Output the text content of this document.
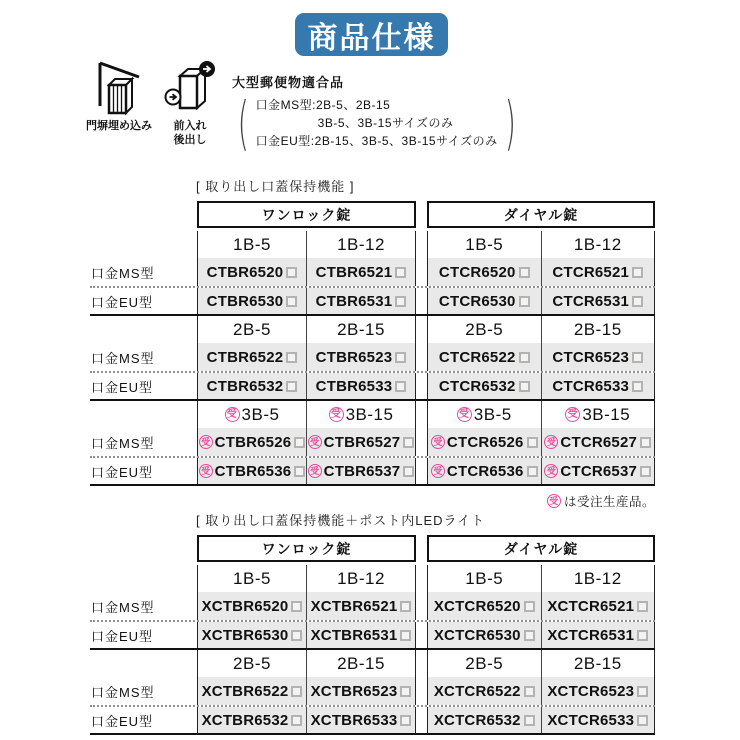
商品仕様
門塀埋め込み 前入れ
後出し
大型郵便物適合品
( 口金MS型:2B-5、2B-15
3B-5、3B-15サイズのみ
口金EU型:2B-15、3B-5、3B-15サイズのみ )
[ 取り出し口蓋保持機能 ]
ワンロック錠	ダイヤル錠
1B-5	1B-12	1B-5	1B-12
口金MS型	CTBR6520 CTBR6521	CTCR6520 CTCR6521
口金EU型	CTBR6530 CTBR6531	CTCR6530 CTCR6531
2B-5	2B-15	2B-5	2B-15
口金MS型	CTBR6522 CTBR6523	CTCR6522 CTCR6523
口金EU型	CTBR6532 CTBR6533	CTCR6532 CTCR6533
受 3B-5	受 3B-15	受 3B-5	受 3B-15
口金MS型	受 CTBR6526 受 CTBR6527	受 CTCR6526	受 CTCR6527
口金EU型	受 CTBR6536 受 CTBR6537	受 CTCR6536	受 CTCR6537
受 は受注生産品。
[ 取り出し口蓋保持機能＋ポスト内LEDライト
ワンロック錠	ダイヤル錠
1B-5	1B-12	1B-5	1B-12
口金MS型	XCTBR6520 XCTBR6521 XCTCR6520 XCTCR6521
口金EU型	XCTBR6530 XCTBR6531 XCTCR6530 XCTCR6531
2B-5	2B-15	2B-5	2B-15
口金MS型	XCTBR6522 XCTBR6523 XCTCR6522 XCTCR6523
口金EU型	XCTBR6532 XCTBR6533 XCTCR6532 XCTCR6533
